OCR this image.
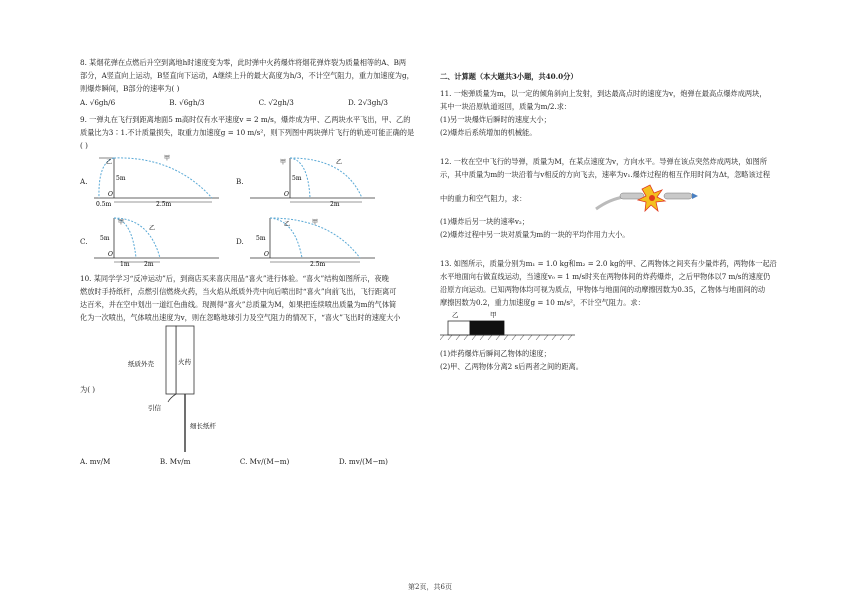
8. 某烟花弹在点燃后升空到离地h时速度变为零，此时弹中火药爆炸将烟花弹炸裂为质量相等的A、B两

部分，A竖直向上运动，B竖直向下运动，A继续上升的最大高度为h/3，不计空气阻力，重力加速度为g，

则爆炸瞬间，B部分的速率为( )

A. √6gh/6	B. √6gh/3	C. √2gh/3	D. 2√3gh/3

9. 一弹丸在飞行到距离地面5 m高时仅有水平速度v = 2 m/s，爆炸成为甲、乙两块水平飞出，甲、乙的

质量比为3∶1.不计质量损失，取重力加速度g = 10 m/s²，则下列图中两块弹片飞行的轨迹可能正确的是

( )

A.
乙
甲
5m
O
0.5m	2.5m
B.
甲	乙
5m
O
2m
C.
甲
乙
5m
O
1m 2m
D.
乙	甲
5m
O
2.5m

10. 某同学学习“反冲运动”后，到商店买来喜庆用品“喜火”进行体验。“喜火”结构如图所示，夜晚

燃放时手持纸杆，点燃引信燃烧火药，当火焰从纸质外壳中向后喷出时“喜火”向前飞出，飞行距离可

达百米，并在空中划出一道红色曲线。现测得“喜火”总质量为M，如果把连续喷出质量为m的气体简

化为一次喷出，气体喷出速度为v，则在忽略地球引力及空气阻力的情况下，“喜火”飞出时的速度大小

为( )

纸质外壳	火药
引信
细长纸杆
A. mv/M	B. Mv/m	C. Mv/(M−m)	D. mv/(M−m)
二、计算题（本大题共3小题，共40.0分）

11. 一炮弹质量为m，以一定的倾角斜向上发射，到达最高点时的速度为v，炮弹在最高点爆炸成两块，

其中一块沿原轨道返回，质量为m/2.求：

(1)另一块爆炸后瞬时的速度大小；

(2)爆炸后系统增加的机械能。

12. 一枚在空中飞行的导弹，质量为M，在某点速度为v，方向水平。导弹在该点突然炸成两块，如图所

示，其中质量为m的一块沿着与v相反的方向飞去，速率为v₁.爆炸过程的相互作用时间为Δt，忽略该过程

中的重力和空气阻力，求：

(1)爆炸后另一块的速率v₂；

(2)爆炸过程中另一块对质量为m的一块的平均作用力大小。

13. 如图所示，质量分别为m₁ = 1.0 kg和m₂ = 2.0 kg的甲、乙两物体之间夹有少量炸药，两物体一起沿

水平地面向右做直线运动，当速度v₀ = 1 m/s时夹在两物体间的炸药爆炸，之后甲物体以7 m/s的速度仍

沿原方向运动。已知两物体均可视为质点，甲物体与地面间的动摩擦因数为0.35，乙物体与地面间的动

摩擦因数为0.2，重力加速度g = 10 m/s²，不计空气阻力。求：

乙	甲

(1)炸药爆炸后瞬间乙物体的速度；

(2)甲、乙两物体分离2 s后两者之间的距离。

第2页，共6页
